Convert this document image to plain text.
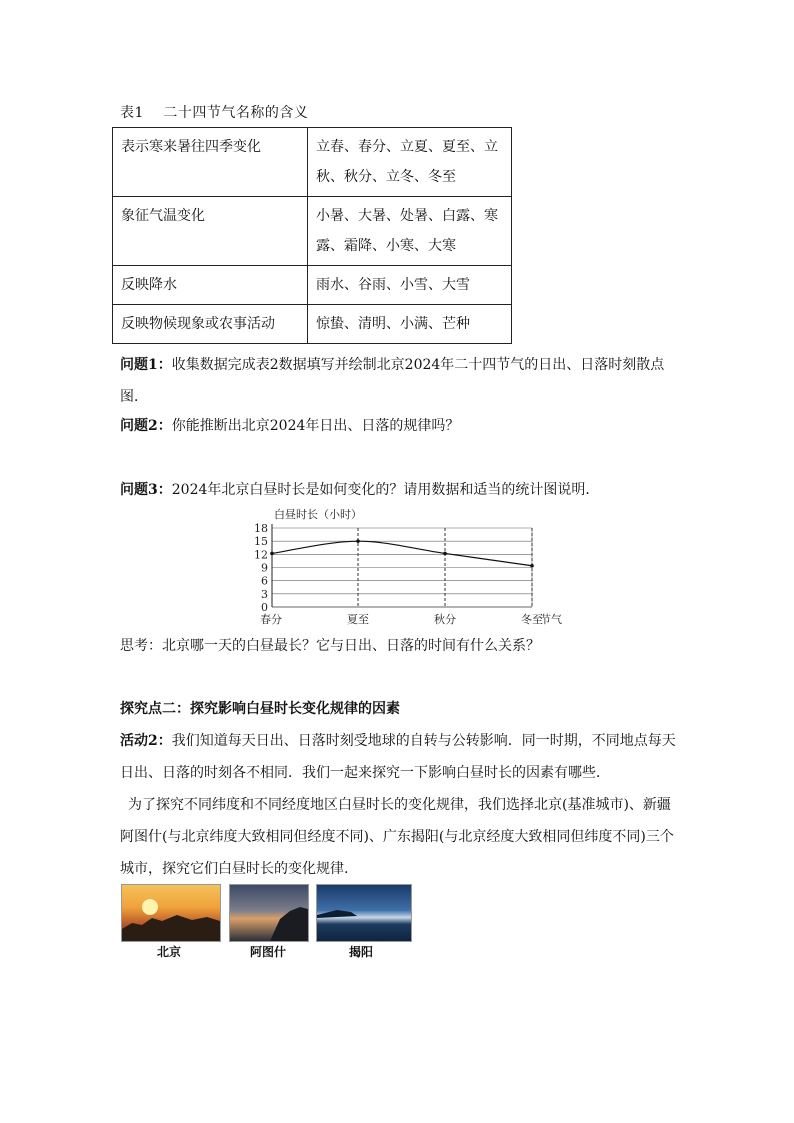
表1　 二十四节气名称的含义
表示寒来暑往四季变化	立春、春分、立夏、夏至、立秋、秋分、立冬、冬至
象征气温变化	小暑、大暑、处暑、白露、寒露、霜降、小寒、大寒
反映降水	雨水、谷雨、小雪、大雪
反映物候现象或农事活动	惊蛰、清明、小满、芒种
问题1：收集数据完成表2数据填写并绘制北京2024年二十四节气的日出、日落时刻散点图．
问题2：你能推断出北京2024年日出、日落的规律吗？
问题3：2024年北京白昼时长是如何变化的？请用数据和适当的统计图说明．
0
3
6
9
12
15
18
白昼时长（小时）
春分	夏至	秋分	冬至
节气
思考：北京哪一天的白昼最长？它与日出、日落的时间有什么关系？
探究点二：探究影响白昼时长变化规律的因素
活动2：我们知道每天日出、日落时刻受地球的自转与公转影响．同一时期，不同地点每天日出、日落的时刻各不相同．我们一起来探究一下影响白昼时长的因素有哪些．
为了探究不同纬度和不同经度地区白昼时长的变化规律，我们选择北京(基准城市)、新疆阿图什(与北京纬度大致相同但经度不同)、广东揭阳(与北京经度大致相同但纬度不同)三个城市，探究它们白昼时长的变化规律.
北京	阿图什	揭阳
